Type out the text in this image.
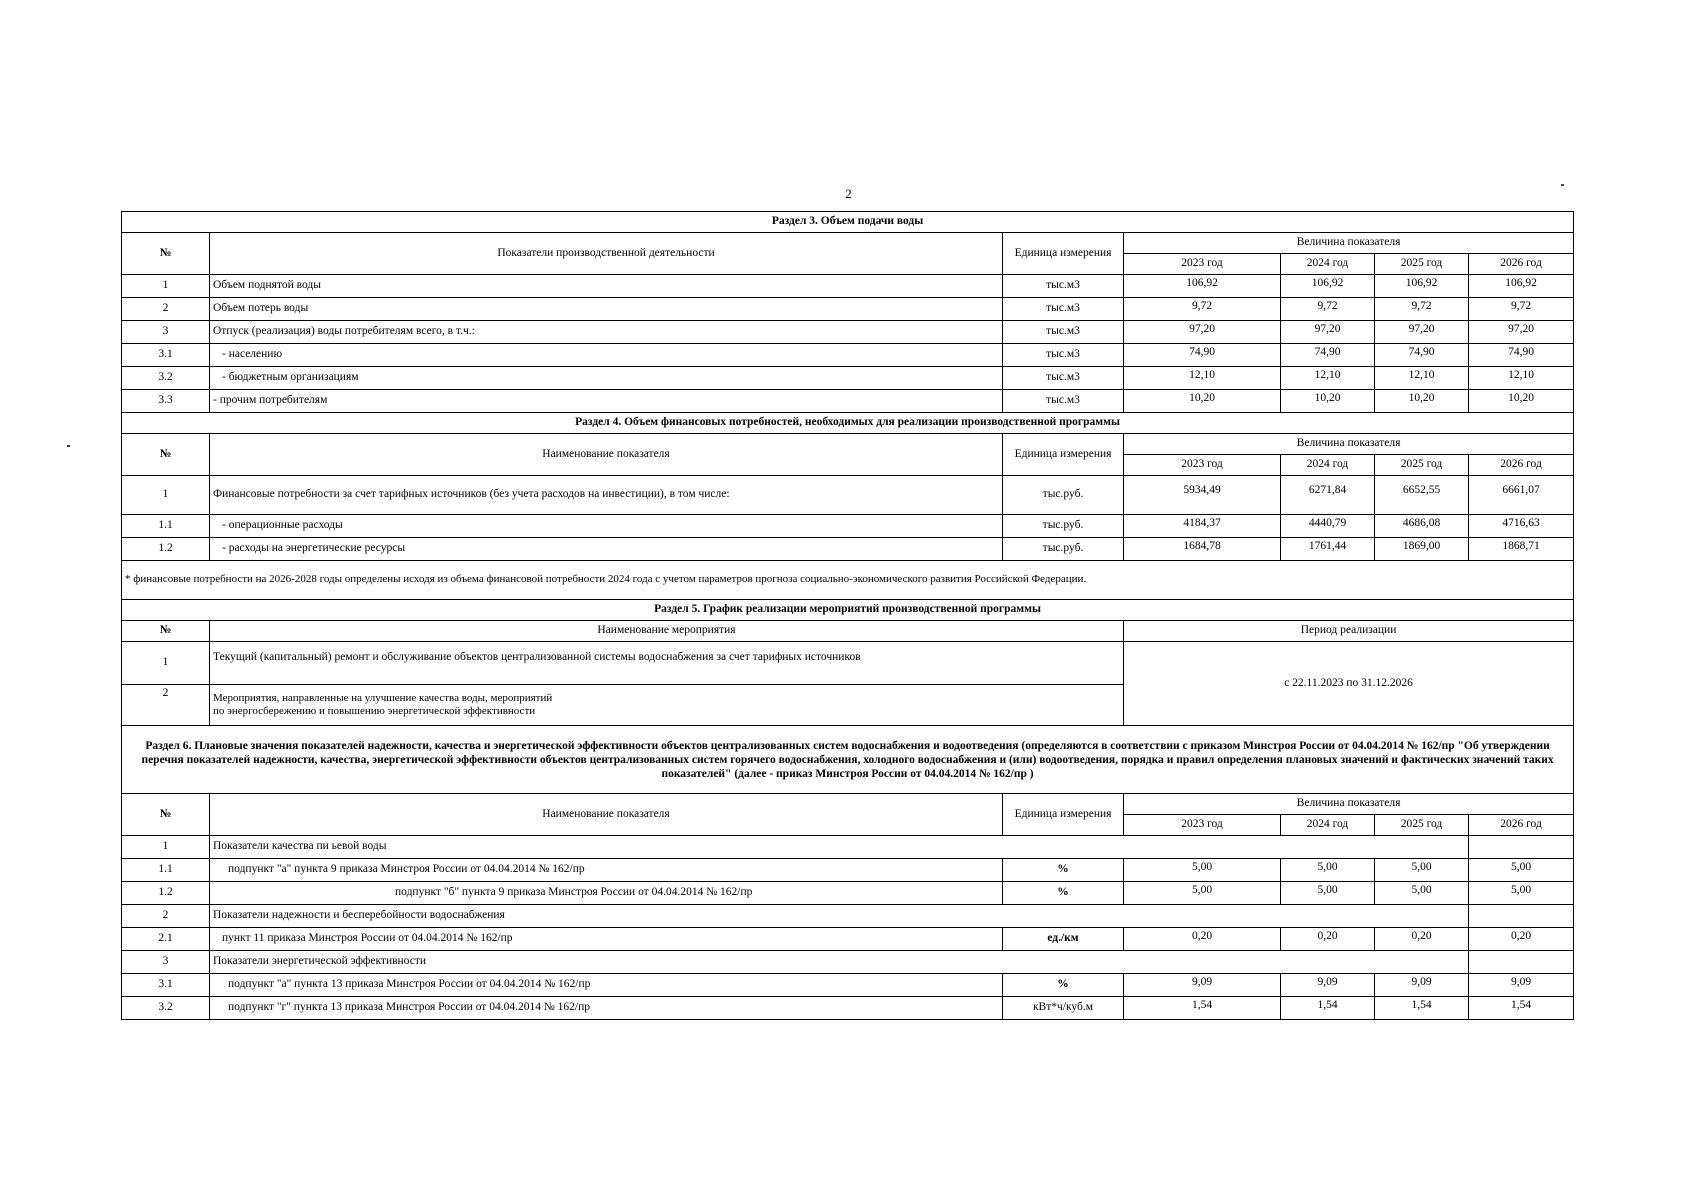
2
Раздел 3. Объем подачи воды						
№	Показатели производственной деятельности	Единица измерения	Величина показателя			
			2023 год	2024 год	2025 год	2026 год
1	Объем поднятой воды	тыс.м3	106,92	106,92	106,92	106,92
2	Объем потерь воды	тыс.м3	9,72	9,72	9,72	9,72
3	Отпуск (реализация) воды потребителям всего, в т.ч.:	тыс.м3	97,20	97,20	97,20	97,20
3.1	- населению	тыс.м3	74,90	74,90	74,90	74,90
3.2	- бюджетным организациям	тыс.м3	12,10	12,10	12,10	12,10
3.3	- прочим потребителям	тыс.м3	10,20	10,20	10,20	10,20
Раздел 4. Объем финансовых потребностей, необходимых для реализации производственной программы						
№	Наименование показателя	Единица измерения	Величина показателя			
			2023 год	2024 год	2025 год	2026 год
1	Финансовые потребности за счет тарифных источников (без учета расходов на инвестиции), в том числе:	тыс.руб.	5934,49	6271,84	6652,55	6661,07
1.1	- операционные расходы	тыс.руб.	4184,37	4440,79	4686,08	4716,63
1.2	- расходы на энергетические ресурсы	тыс.руб.	1684,78	1761,44	1869,00	1868,71
* финансовые потребности на 2026-2028 годы определены исходя из объема финансовой потребности 2024 года с учетом параметров прогноза социально-экономического развития Российской Федерации.						
Раздел 5. График реализации мероприятий производственной программы						
№	Наименование мероприятия		Период реализации			
1	Текущий (капитальный) ремонт и обслуживание объектов централизованной системы водоснабжения за счет тарифных источников		с 22.11.2023 по 31.12.2026			
2	Мероприятия, направленные на улучшение качества воды, мероприятий
по энергосбережению и повышению энергетической эффективности					

Раздел 6. Плановые значения показателей надежности, качества и энергетической эффективности объектов централизованных систем водоснабжения и водоотведения (определяются в соответствии с приказом Минстроя России от 04.04.2014 № 162/пр "Об утверждении перечня показателей надежности, качества, энергетической эффективности объектов централизованных систем горячего водоснабжения, холодного водоснабжения и (или) водоотведения, порядка и правил определения плановых значений и фактических значений таких показателей" (далее - приказ Минстроя России от 04.04.2014 № 162/пр )						
№	Наименование показателя	Единица измерения	Величина показателя			
			2023 год	2024 год	2025 год	2026 год
1	Показатели качества пи ьевой воды					
1.1	подпункт "а" пункта 9 приказа Минстроя России от 04.04.2014 № 162/пр	%	5,00	5,00	5,00	5,00
1.2	подпункт "б" пункта 9 приказа Минстроя России от 04.04.2014 № 162/пр	%	5,00	5,00	5,00	5,00
2	Показатели надежности и бесперебойности водоснабжения					
2.1	пункт 11 приказа Минстроя России от 04.04.2014 № 162/пр	ед./км	0,20	0,20	0,20	0,20
3	Показатели энергетической эффективности					
3.1	подпункт "а" пункта 13 приказа Минстроя России от 04.04.2014 № 162/пр	%	9,09	9,09	9,09	9,09
3.2	подпункт "г" пункта 13 приказа Минстроя России от 04.04.2014 № 162/пр	кВт*ч/куб.м	1,54	1,54	1,54	1,54
